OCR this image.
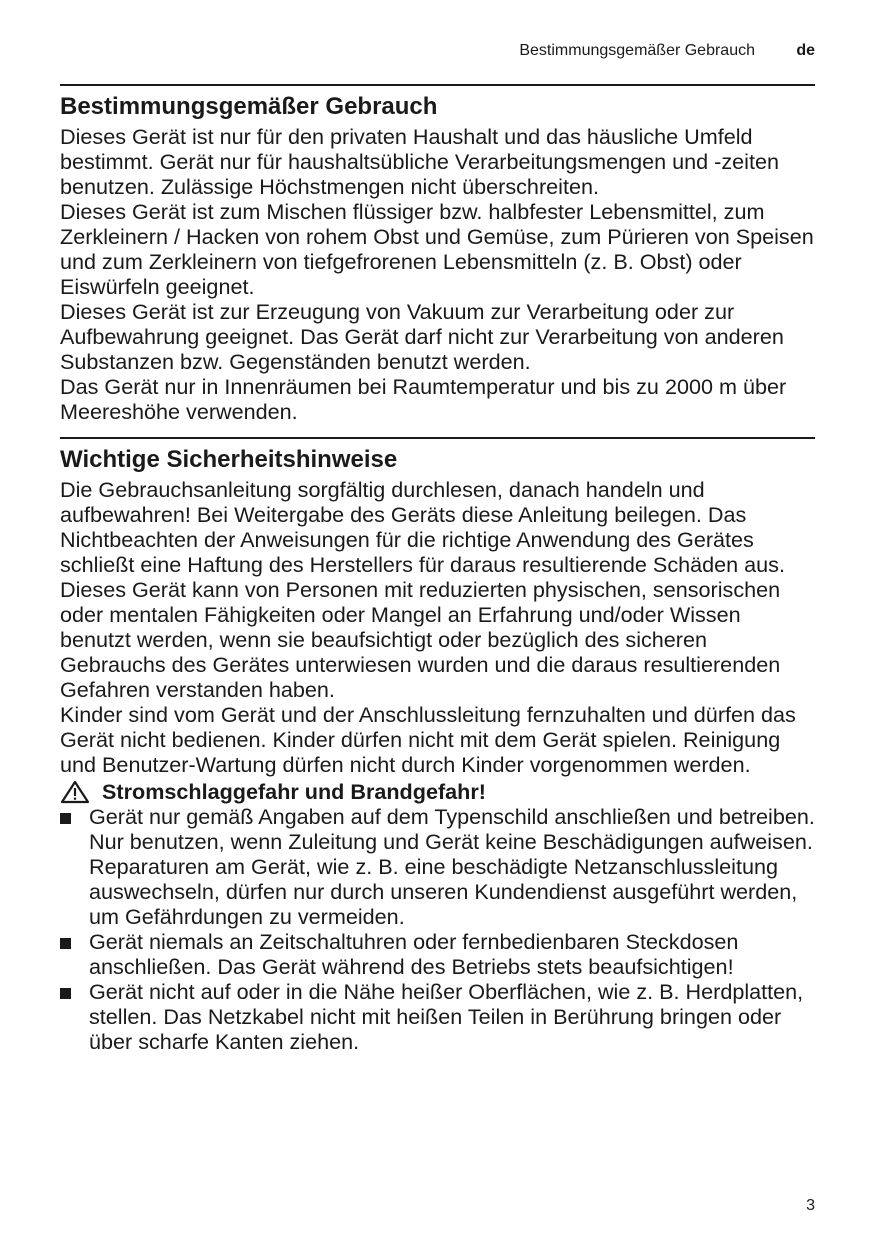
Bestimmungsgemäßer Gebrauch	de
Bestimmungsgemäßer Gebrauch

Dieses Gerät ist nur für den privaten Haushalt und das häusliche Umfeld bestimmt. Gerät nur für haushaltsübliche Verarbeitungsmengen und -zeiten benutzen. Zulässige Höchstmengen nicht überschreiten.

Dieses Gerät ist zum Mischen flüssiger bzw. halbfester Lebensmittel, zum Zerkleinern / Hacken von rohem Obst und Gemüse, zum Pürieren von Speisen und zum Zerkleinern von tiefgefrorenen Lebensmitteln (z. B. Obst) oder Eiswürfeln geeignet.

Dieses Gerät ist zur Erzeugung von Vakuum zur Verarbeitung oder zur Aufbewahrung geeignet. Das Gerät darf nicht zur Verarbeitung von anderen Substanzen bzw. Gegenständen benutzt werden.

Das Gerät nur in Innenräumen bei Raumtemperatur und bis zu 2000 m über Meereshöhe verwenden.

Wichtige Sicherheitshinweise

Die Gebrauchsanleitung sorgfältig durchlesen, danach handeln und aufbewahren! Bei Weitergabe des Geräts diese Anleitung beilegen. Das Nichtbeachten der Anweisungen für die richtige Anwendung des Gerätes schließt eine Haftung des Herstellers für daraus resultierende Schäden aus.

Dieses Gerät kann von Personen mit reduzierten physischen, sensorischen oder mentalen Fähigkeiten oder Mangel an Erfahrung und/oder Wissen benutzt werden, wenn sie beaufsichtigt oder bezüglich des sicheren Gebrauchs des Gerätes unterwiesen wurden und die daraus resultierenden Gefahren verstanden haben.

Kinder sind vom Gerät und der Anschlussleitung fernzuhalten und dürfen das Gerät nicht bedienen. Kinder dürfen nicht mit dem Gerät spielen. Reinigung und Benutzer-Wartung dürfen nicht durch Kinder vorgenommen werden.

Stromschlaggefahr und Brandgefahr!
Gerät nur gemäß Angaben auf dem Typenschild anschließen und betreiben. Nur benutzen, wenn Zuleitung und Gerät keine Beschädigungen aufweisen. Reparaturen am Gerät, wie z. B. eine beschädigte Netzanschlussleitung auswechseln, dürfen nur durch unseren Kundendienst ausgeführt werden, um Gefährdungen zu vermeiden.
Gerät niemals an Zeitschaltuhren oder fernbedienbaren Steckdosen anschließen. Das Gerät während des Betriebs stets beaufsichtigen!
Gerät nicht auf oder in die Nähe heißer Oberflächen, wie z. B. Herdplatten, stellen. Das Netzkabel nicht mit heißen Teilen in Berührung bringen oder über scharfe Kanten ziehen.
3
